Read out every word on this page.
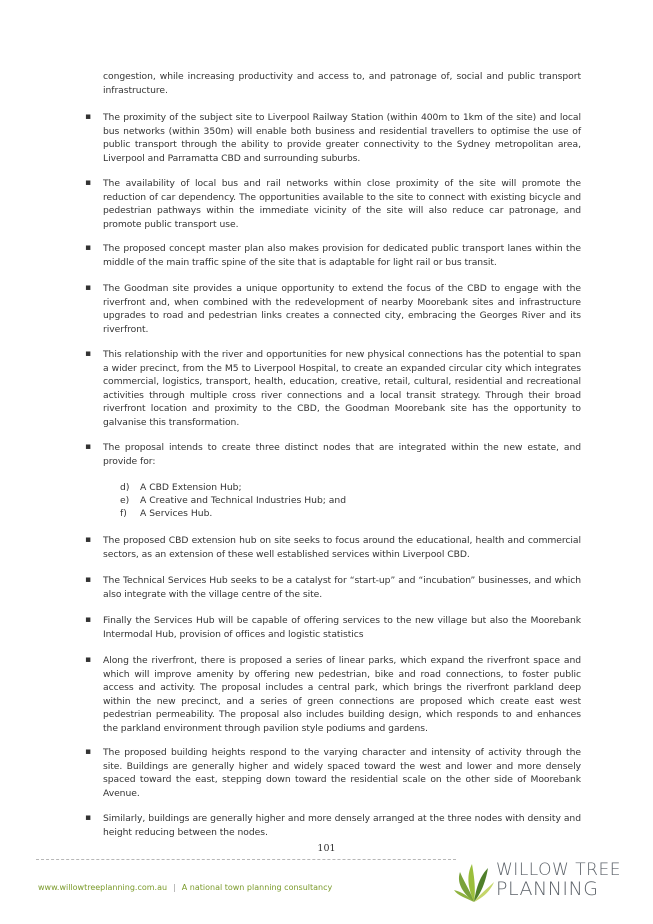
congestion, while increasing productivity and access to, and patronage of, social and public transport infrastructure.
▪ The proximity of the subject site to Liverpool Railway Station (within 400m to 1km of the site) and local bus networks (within 350m) will enable both business and residential travellers to optimise the use of public transport through the ability to provide greater connectivity to the Sydney metropolitan area, Liverpool and Parramatta CBD and surrounding suburbs.
▪ The availability of local bus and rail networks within close proximity of the site will promote the reduction of car dependency. The opportunities available to the site to connect with existing bicycle and pedestrian pathways within the immediate vicinity of the site will also reduce car patronage, and promote public transport use.
▪ The proposed concept master plan also makes provision for dedicated public transport lanes within the middle of the main traffic spine of the site that is adaptable for light rail or bus transit.
▪ The Goodman site provides a unique opportunity to extend the focus of the CBD to engage with the riverfront and, when combined with the redevelopment of nearby Moorebank sites and infrastructure upgrades to road and pedestrian links creates a connected city, embracing the Georges River and its riverfront.
▪ This relationship with the river and opportunities for new physical connections has the potential to span a wider precinct, from the M5 to Liverpool Hospital, to create an expanded circular city which integrates commercial, logistics, transport, health, education, creative, retail, cultural, residential and recreational activities through multiple cross river connections and a local transit strategy. Through their broad riverfront location and proximity to the CBD, the Goodman Moorebank site has the opportunity to galvanise this transformation.
▪ The proposal intends to create three distinct nodes that are integrated within the new estate, and provide for:
d) A CBD Extension Hub;
e) A Creative and Technical Industries Hub; and
f) A Services Hub.
▪ The proposed CBD extension hub on site seeks to focus around the educational, health and commercial sectors, as an extension of these well established services within Liverpool CBD.
▪ The Technical Services Hub seeks to be a catalyst for “start-up” and “incubation” businesses, and which also integrate with the village centre of the site.
▪ Finally the Services Hub will be capable of offering services to the new village but also the Moorebank Intermodal Hub, provision of offices and logistic statistics
▪ Along the riverfront, there is proposed a series of linear parks, which expand the riverfront space and which will improve amenity by offering new pedestrian, bike and road connections, to foster public access and activity. The proposal includes a central park, which brings the riverfront parkland deep within the new precinct, and a series of green connections are proposed which create east west pedestrian permeability. The proposal also includes building design, which responds to and enhances the parkland environment through pavilion style podiums and gardens.
▪ The proposed building heights respond to the varying character and intensity of activity through the site. Buildings are generally higher and widely spaced toward the west and lower and more densely spaced toward the east, stepping down toward the residential scale on the other side of Moorebank Avenue.
▪ Similarly, buildings are generally higher and more densely arranged at the three nodes with density and height reducing between the nodes.
101
www.willowtreeplanning.com.au | A national town planning consultancy
WILLOW TREE
PLANNING
